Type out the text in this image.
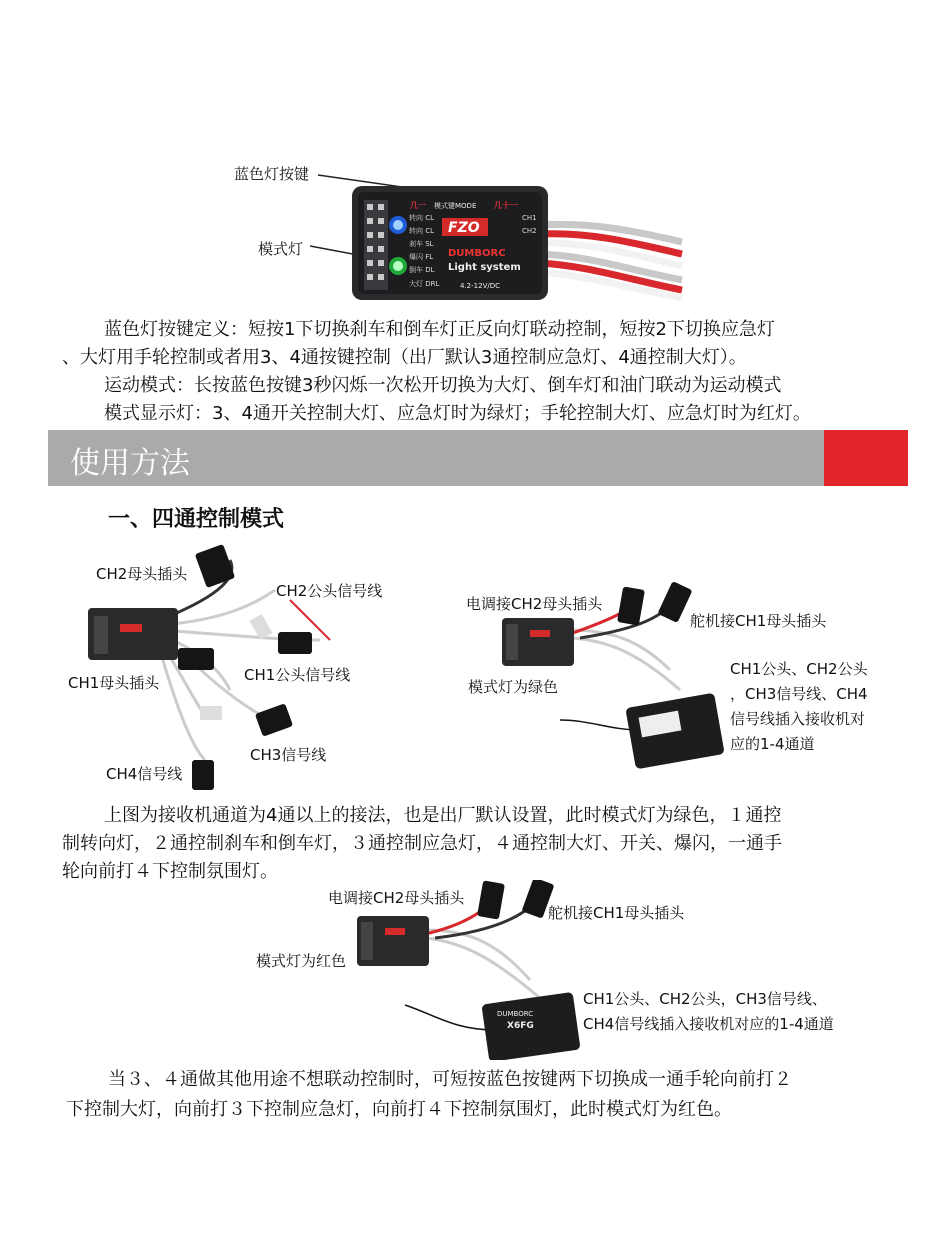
蓝色灯按键
模式灯
几一 模式键MODE 几十一
转向 CL
转向 CL
刹车 SL
爆闪 FL
倒车 DL
大灯 DRL
CH1
CH2
FZO
DUMBORC
Light system
4.2-12V/DC
蓝色灯按键定义：短按1下切换刹车和倒车灯正反向灯联动控制，短按2下切换应急灯
、大灯用手轮控制或者用3、4通按键控制（出厂默认3通控制应急灯、4通控制大灯）。
运动模式：长按蓝色按键3秒闪烁一次松开切换为大灯、倒车灯和油门联动为运动模式
模式显示灯：3、4通开关控制大灯、应急灯时为绿灯；手轮控制大灯、应急灯时为红灯。
使用方法
一、四通控制模式
CH2母头插头
CH2公头信号线
CH1公头信号线
CH1母头插头
CH3信号线
CH4信号线
电调接CH2母头插头
舵机接CH1母头插头
模式灯为绿色
CH1公头、CH2公头
，CH3信号线、CH4
信号线插入接收机对
应的1-4通道
上图为接收机通道为4通以上的接法，也是出厂默认设置，此时模式灯为绿色，１通控
制转向灯，２通控制刹车和倒车灯，３通控制应急灯，４通控制大灯、开关、爆闪，一通手
轮向前打４下控制氛围灯。
DUMBORC
X6FG
电调接CH2母头插头
舵机接CH1母头插头
模式灯为红色
CH1公头、CH2公头，CH3信号线、
CH4信号线插入接收机对应的1-4通道
当３、４通做其他用途不想联动控制时，可短按蓝色按键两下切换成一通手轮向前打２
下控制大灯，向前打３下控制应急灯，向前打４下控制氛围灯，此时模式灯为红色。
